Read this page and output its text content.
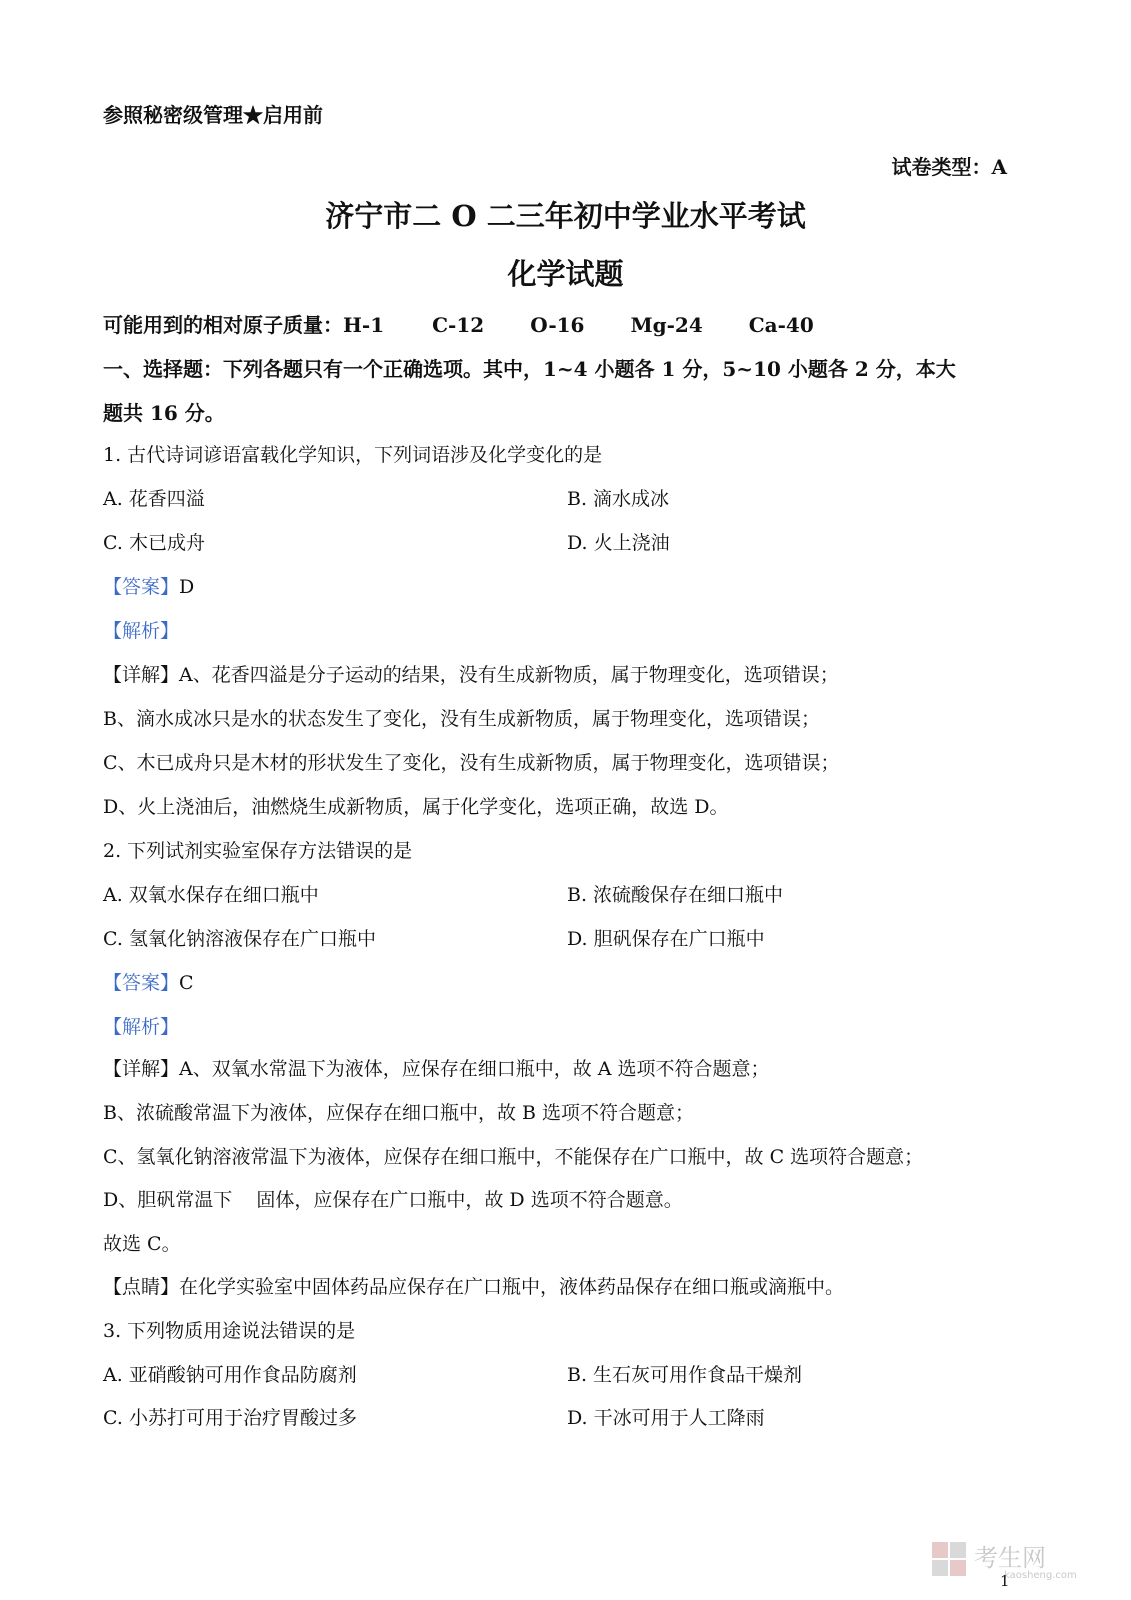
参照秘密级管理★启用前
试卷类型：A
济宁市二 O 二三年初中学业水平考试
化学试题
可能用到的相对原子质量：H-1 C-12 O-16 Mg-24 Ca-40
一、选择题：下列各题只有一个正确选项。其中，1~4 小题各 1 分，5~10 小题各 2 分，本大
题共 16 分。
1. 古代诗词谚语富载化学知识，下列词语涉及化学变化的是
A. 花香四溢	B. 滴水成冰
C. 木已成舟	D. 火上浇油
【答案】D
【解析】
【详解】A、花香四溢是分子运动的结果，没有生成新物质，属于物理变化，选项错误；
B、滴水成冰只是水的状态发生了变化，没有生成新物质，属于物理变化，选项错误；
C、木已成舟只是木材的形状发生了变化，没有生成新物质，属于物理变化，选项错误；
D、火上浇油后，油燃烧生成新物质，属于化学变化，选项正确，故选 D。
2. 下列试剂实验室保存方法错误的是
A. 双氧水保存在细口瓶中	B. 浓硫酸保存在细口瓶中
C. 氢氧化钠溶液保存在广口瓶中	D. 胆矾保存在广口瓶中
【答案】C
【解析】
【详解】A、双氧水常温下为液体，应保存在细口瓶中，故 A 选项不符合题意；
B、浓硫酸常温下为液体，应保存在细口瓶中，故 B 选项不符合题意；
C、氢氧化钠溶液常温下为液体，应保存在细口瓶中，不能保存在广口瓶中，故 C 选项符合题意；
D、胆矾常温下    固体，应保存在广口瓶中，故 D 选项不符合题意。
故选 C。
【点睛】在化学实验室中固体药品应保存在广口瓶中，液体药品保存在细口瓶或滴瓶中。
3. 下列物质用途说法错误的是
A. 亚硝酸钠可用作食品防腐剂	B. 生石灰可用作食品干燥剂
C. 小苏打可用于治疗胃酸过多	D. 干冰可用于人工降雨
考生网
kaosheng.com
1
